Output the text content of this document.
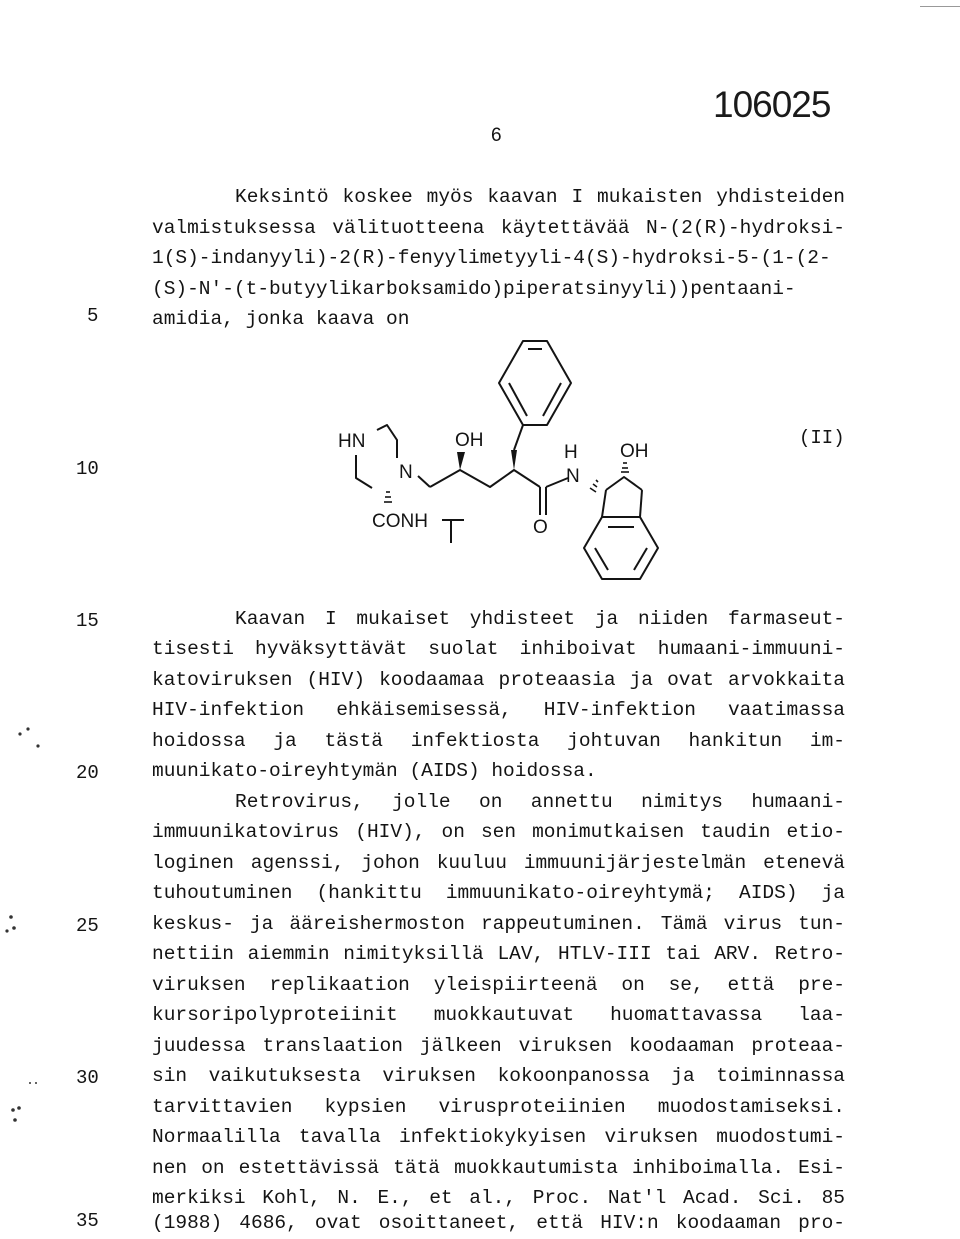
106025
6
Keksintö koskee myös kaavan I mukaisten yhdisteiden
valmistuksessa välituotteena käytettävää N-(2(R)-hydroksi-
1(S)-indanyyli)-2(R)-fenyylimetyyli-4(S)-hydroksi-5-(1-(2-
(S)-N'-(t-butyylikarboksamido)piperatsinyyli))pentaani-
amidia, jonka kaava on
HN
N
OH
H OH
N
CONH	O
(II)
Kaavan I mukaiset yhdisteet ja niiden farmaseut-
tisesti hyväksyttävät suolat inhiboivat humaani-immuuni-
katoviruksen (HIV) koodaamaa proteaasia ja ovat arvokkaita
HIV-infektion ehkäisemisessä, HIV-infektion vaatimassa
hoidossa ja tästä infektiosta johtuvan hankitun im-
muunikato-oireyhtymän (AIDS) hoidossa.
Retrovirus, jolle on annettu nimitys humaani-
immuunikatovirus (HIV), on sen monimutkaisen taudin etio-
loginen agenssi, johon kuuluu immuunijärjestelmän etenevä
tuhoutuminen (hankittu immuunikato-oireyhtymä; AIDS) ja
keskus- ja ääreishermoston rappeutuminen. Tämä virus tun-
nettiin aiemmin nimityksillä LAV, HTLV-III tai ARV. Retro-
viruksen replikaation yleispiirteenä on se, että pre-
kursoripolyproteiinit muokkautuvat huomattavassa laa-
juudessa translaation jälkeen viruksen koodaaman proteaa-
sin vaikutuksesta viruksen kokoonpanossa ja toiminnassa
tarvittavien kypsien virusproteiinien muodostamiseksi.
Normaalilla tavalla infektiokykyisen viruksen muodostumi-
nen on estettävissä tätä muokkautumista inhiboimalla. Esi-
merkiksi Kohl, N. E., et al., Proc. Nat'l Acad. Sci. 85
(1988) 4686, ovat osoittaneet, että HIV:n koodaaman pro-
5
10
15
20
25
30
35
